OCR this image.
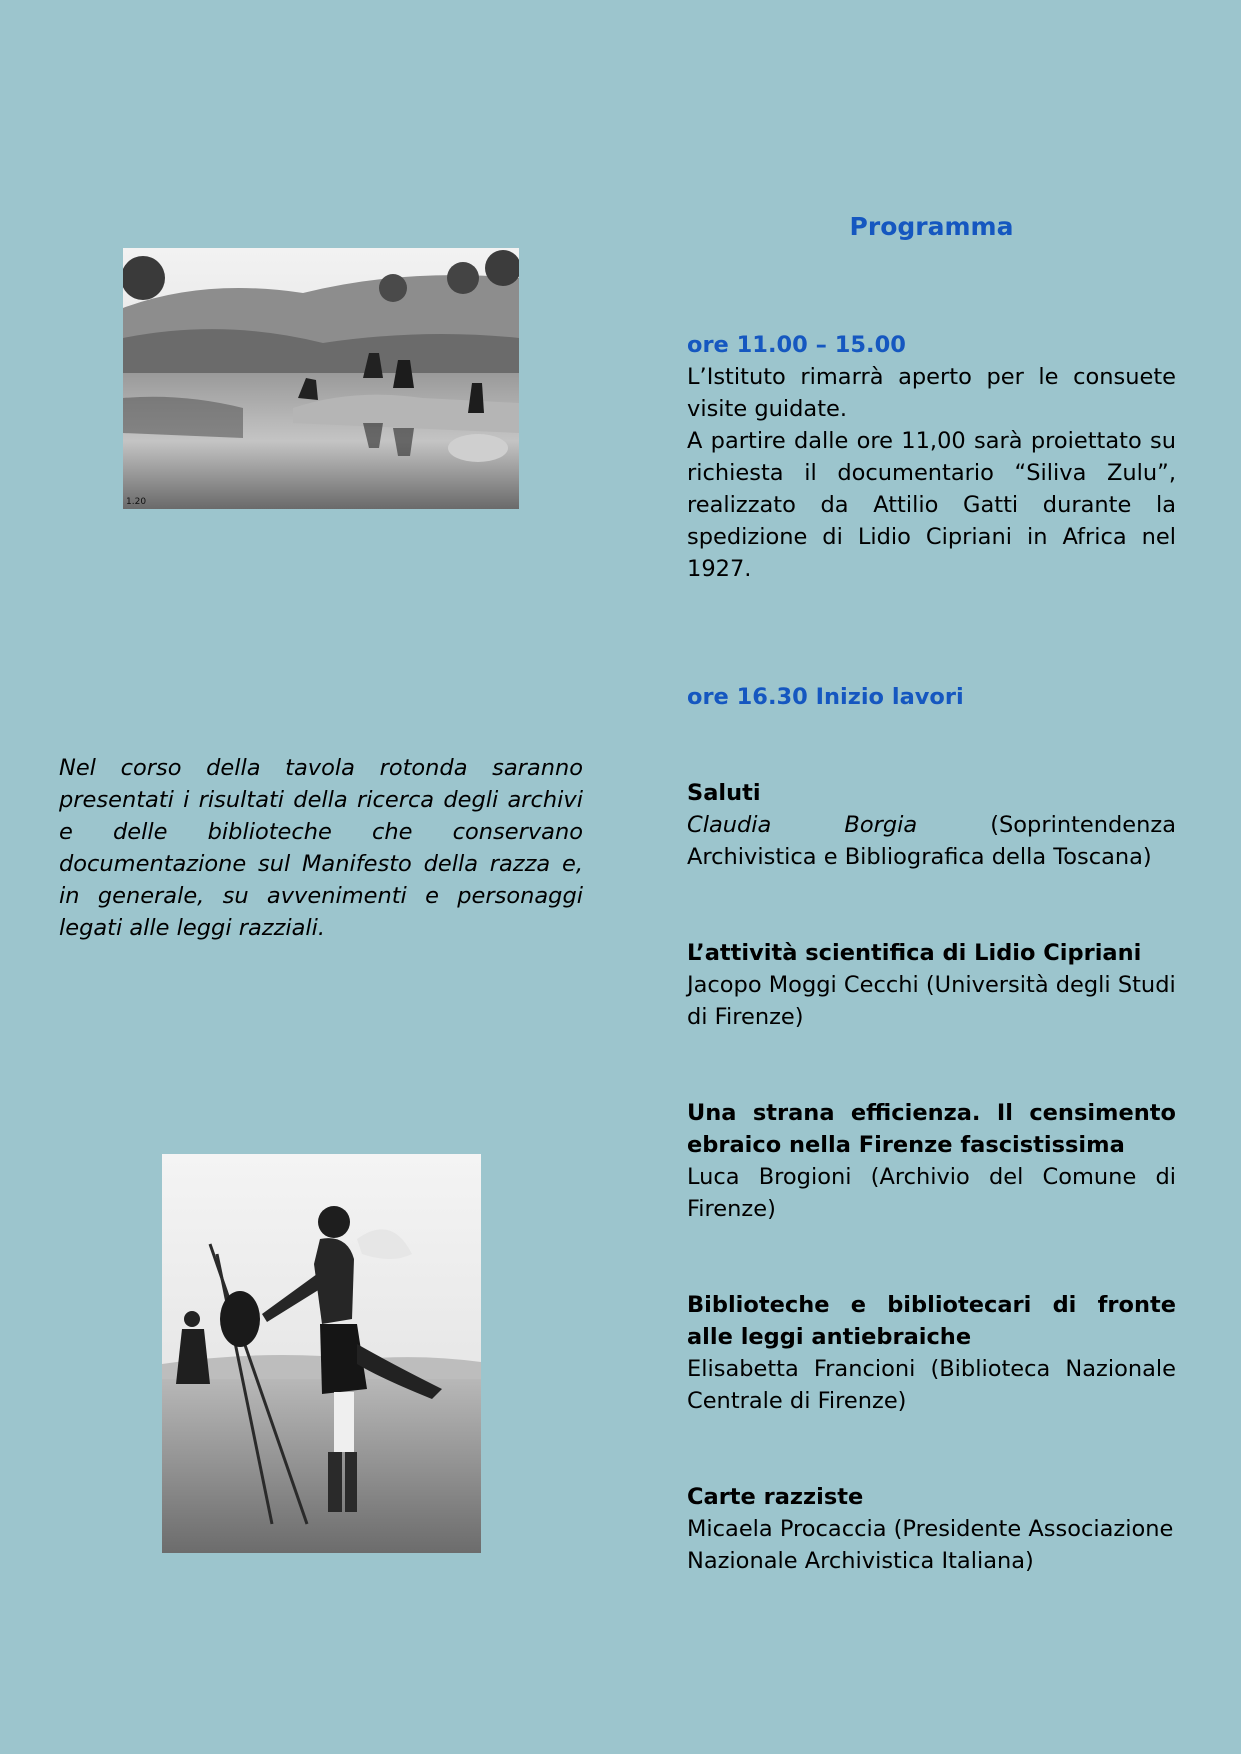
1.20
Nel corso della tavola rotonda saranno presentati i risultati della ricerca degli archivi e delle biblioteche che conservano documentazione sul Manifesto della razza e, in generale, su avvenimenti e personaggi legati alle leggi razziali.
Programma
ore 11.00 – 15.00

L’Istituto rimarrà aperto per le consuete visite guidate.

A partire dalle ore 11,00 sarà proiettato su richiesta il documentario “Siliva Zulu”, realizzato da Attilio Gatti durante la spedizione di Lidio Cipriani in Africa nel 1927.

ore 16.30 Inizio lavori
Saluti
Claudia Borgia	(Soprintendenza Archivistica e Bibliografica della Toscana)
L’attività scientifica di Lidio Cipriani
Jacopo Moggi Cecchi (Università degli Studi di Firenze)
Una strana efficienza. Il censimento ebraico nella Firenze fascistissima
Luca Brogioni (Archivio del Comune di Firenze)
Biblioteche e bibliotecari di fronte alle leggi antiebraiche
Elisabetta Francioni (Biblioteca Nazionale Centrale di Firenze)
Carte razziste
Micaela Procaccia (Presidente Associazione Nazionale Archivistica Italiana)
